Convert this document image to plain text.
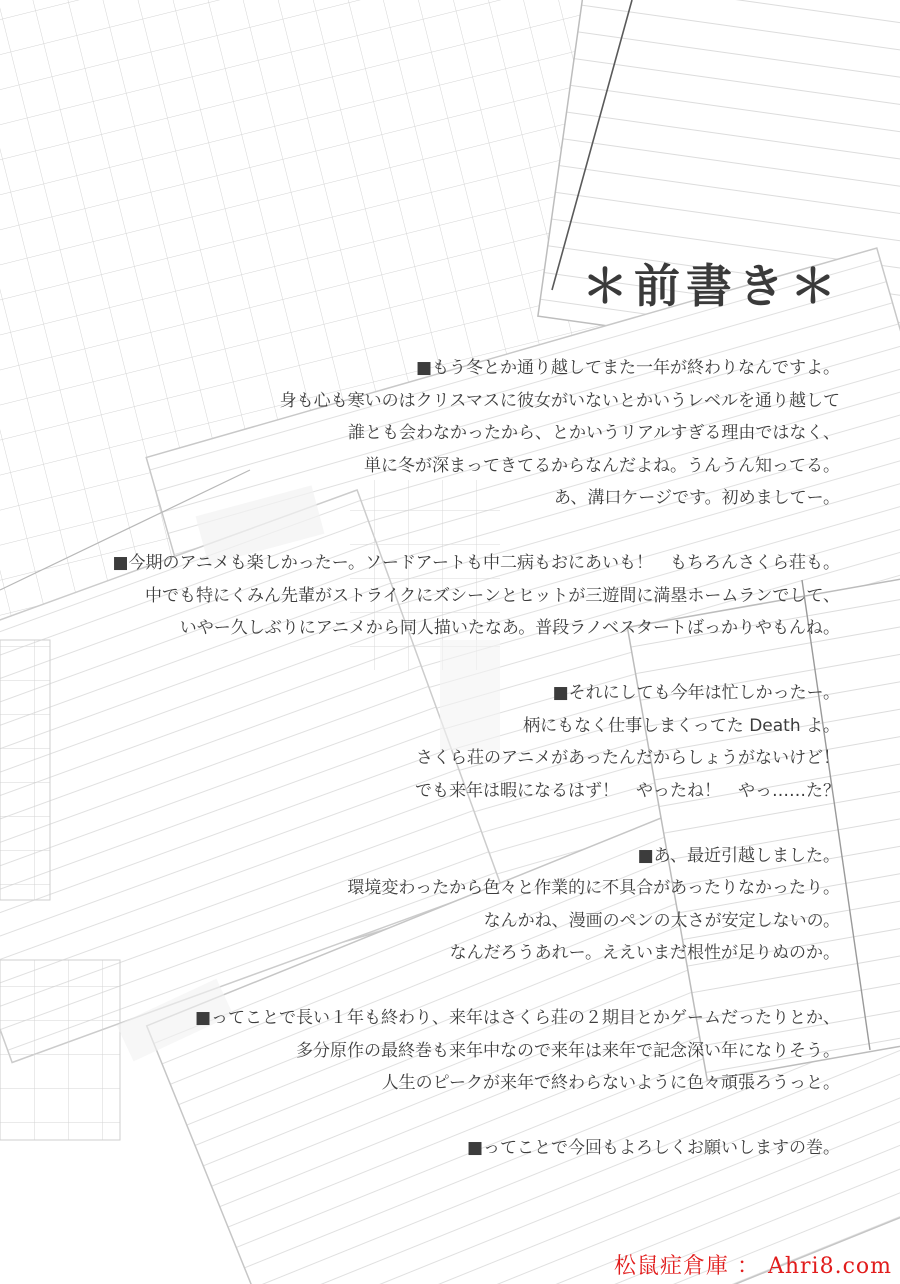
＊前書き＊
■もう冬とか通り越してまた一年が終わりなんですよ。
身も心も寒いのはクリスマスに彼女がいないとかいうレベルを通り越して
誰とも会わなかったから、とかいうリアルすぎる理由ではなく、
単に冬が深まってきてるからなんだよね。うんうん知ってる。
あ、溝口ケージです。初めましてー。
■今期のアニメも楽しかったー。ソードアートも中二病もおにあいも！　もちろんさくら荘も。
中でも特にくみん先輩がストライクにズシーンとヒットが三遊間に満塁ホームランでして、
いやー久しぶりにアニメから同人描いたなあ。普段ラノベスタートばっかりやもんね。
■それにしても今年は忙しかったー。
柄にもなく仕事しまくってた Death よ。
さくら荘のアニメがあったんだからしょうがないけど！
でも来年は暇になるはず！　やったね！　やっ……た？
■あ、最近引越しました。
環境変わったから色々と作業的に不具合があったりなかったり。
なんかね、漫画のペンの太さが安定しないの。
なんだろうあれー。ええいまだ根性が足りぬのか。
■ってことで長い１年も終わり、来年はさくら荘の２期目とかゲームだったりとか、
多分原作の最終巻も来年中なので来年は来年で記念深い年になりそう。
人生のピークが来年で終わらないように色々頑張ろうっと。
■ってことで今回もよろしくお願いしますの巻。
松鼠症倉庫 ： Ahri8.com
